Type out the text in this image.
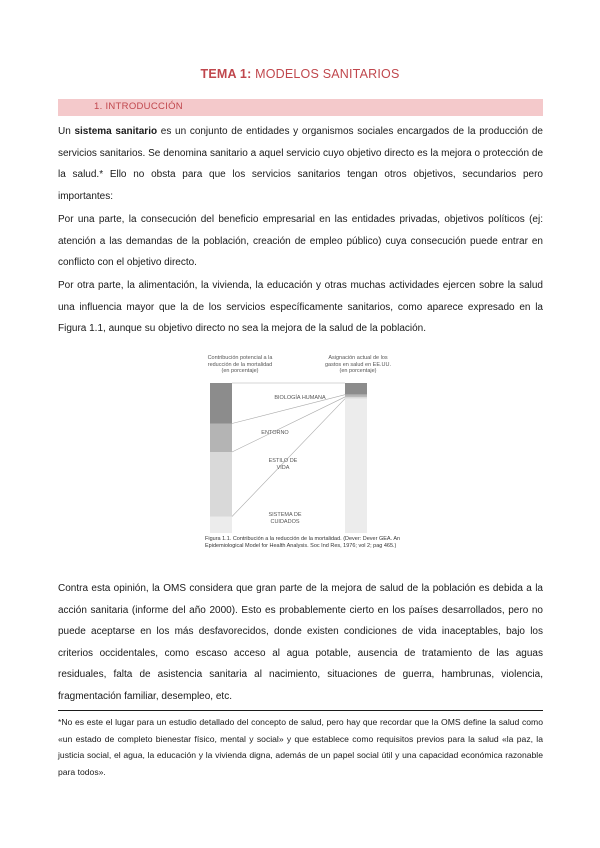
TEMA 1: MODELOS SANITARIOS
1. INTRODUCCIÓN
Un sistema sanitario es un conjunto de entidades y organismos sociales encargados de la producción de servicios sanitarios. Se denomina sanitario a aquel servicio cuyo objetivo directo es la mejora o protección de la salud.* Ello no obsta para que los servicios sanitarios tengan otros objetivos, secundarios pero importantes:
Por una parte, la consecución del beneficio empresarial en las entidades privadas, objetivos políticos (ej: atención a las demandas de la población, creación de empleo público) cuya consecución puede entrar en conflicto con el objetivo directo.
Por otra parte, la alimentación, la vivienda, la educación y otras muchas actividades ejercen sobre la salud una influencia mayor que la de los servicios específicamente sanitarios, como aparece expresado en la Figura 1.1, aunque su objetivo directo no sea la mejora de la salud de la población.
Contribución potencial a la reducción de la mortalidad (en porcentaje)
Asignación actual de los gastos en salud en EE.UU. (en porcentaje)
BIOLOGÍA HUMANA
ENTORNO
ESTILO DE VIDA
SISTEMA DE CUIDADOS
Figura 1.1. Contribución a la reducción de la mortalidad. (Dever: Dever GEA. An Epidemiological Model for Health Analysis. Soc Ind Res, 1976; vol 2; pag 465.)
Contra esta opinión, la OMS considera que gran parte de la mejora de salud de la población es debida a la acción sanitaria (informe del año 2000). Esto es probablemente cierto en los países desarrollados, pero no puede aceptarse en los más desfavorecidos, donde existen condiciones de vida inaceptables, bajo los criterios occidentales, como escaso acceso al agua potable, ausencia de tratamiento de las aguas residuales, falta de asistencia sanitaria al nacimiento, situaciones de guerra, hambrunas, violencia, fragmentación familiar, desempleo, etc.
*No es este el lugar para un estudio detallado del concepto de salud, pero hay que recordar que la OMS define la salud como «un estado de completo bienestar físico, mental y social» y que establece como requisitos previos para la salud «la paz, la justicia social, el agua, la educación y la vivienda digna, además de un papel social útil y una capacidad económica razonable para todos».
